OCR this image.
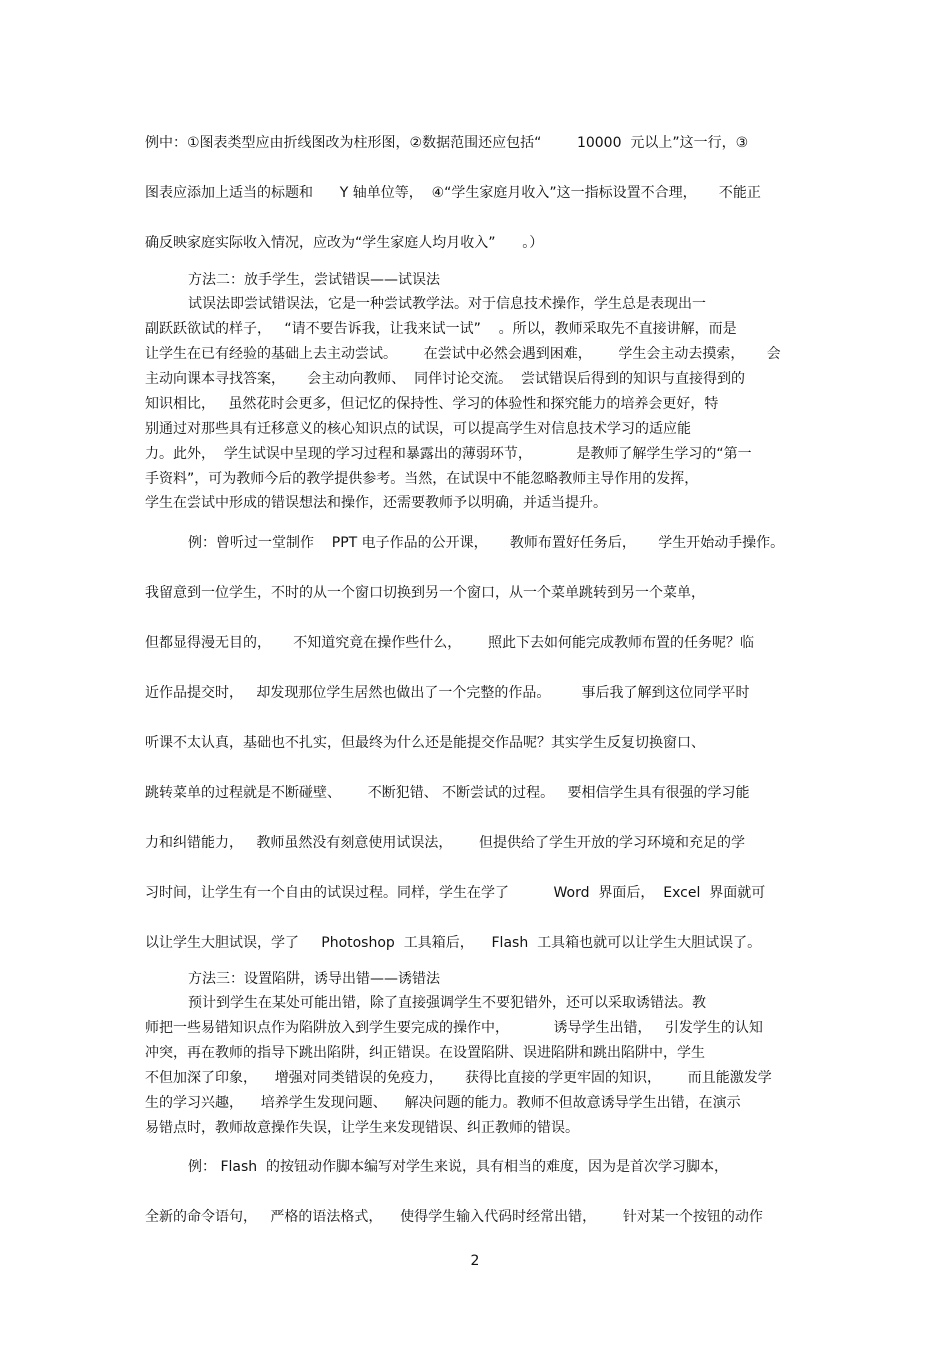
例中：①图表类型应由折线图改为柱形图，②数据范围还应包括“        10000  元以上”这一行，③

图表应添加上适当的标题和      Y 轴单位等，  ④“学生家庭月收入”这一指标设置不合理，     不能正

确反映家庭实际收入情况，应改为“学生家庭人均月收入”      。）

方法二：放手学生，尝试错误——试误法

试误法即尝试错误法，它是一种尝试教学法。对于信息技术操作，学生总是表现出一

副跃跃欲试的样子，   “请不要告诉我，让我来试一试”    。所以，教师采取先不直接讲解，而是

让学生在已有经验的基础上去主动尝试。      在尝试中必然会遇到困难，      学生会主动去摸索，     会

主动向课本寻找答案，     会主动向教师、  同伴讨论交流。  尝试错误后得到的知识与直接得到的

知识相比，   虽然花时会更多，但记忆的保持性、学习的体验性和探究能力的培养会更好，特

别通过对那些具有迁移意义的核心知识点的试误，可以提高学生对信息技术学习的适应能

力。此外，  学生试误中呈现的学习过程和暴露出的薄弱环节，          是教师了解学生学习的“第一

手资料”，可为教师今后的教学提供参考。当然，在试误中不能忽略教师主导作用的发挥，

学生在尝试中形成的错误想法和操作，还需要教师予以明确，并适当提升。

例：曾听过一堂制作    PPT 电子作品的公开课，     教师布置好任务后，     学生开始动手操作。

我留意到一位学生，不时的从一个窗口切换到另一个窗口，从一个菜单跳转到另一个菜单，

但都显得漫无目的，     不知道究竟在操作些什么，      照此下去如何能完成教师布置的任务呢？临

近作品提交时，   却发现那位学生居然也做出了一个完整的作品。       事后我了解到这位同学平时

听课不太认真，基础也不扎实，但最终为什么还是能提交作品呢？其实学生反复切换窗口、

跳转菜单的过程就是不断碰壁、      不断犯错、 不断尝试的过程。   要相信学生具有很强的学习能

力和纠错能力，   教师虽然没有刻意使用试误法，      但提供给了学生开放的学习环境和充足的学

习时间，让学生有一个自由的试误过程。同样，学生在学了          Word  界面后，  Excel  界面就可

以让学生大胆试误，学了     Photoshop  工具箱后，    Flash  工具箱也就可以让学生大胆试误了。

方法三：设置陷阱，诱导出错——诱错法

预计到学生在某处可能出错，除了直接强调学生不要犯错外，还可以采取诱错法。教

师把一些易错知识点作为陷阱放入到学生要完成的操作中，          诱导学生出错，   引发学生的认知

冲突，再在教师的指导下跳出陷阱，纠正错误。在设置陷阱、误进陷阱和跳出陷阱中，学生

不但加深了印象，    增强对同类错误的免疫力，     获得比直接的学更牢固的知识，      而且能激发学

生的学习兴趣，    培养学生发现问题、    解决问题的能力。教师不但故意诱导学生出错，在演示

易错点时，教师故意操作失误，让学生来发现错误、纠正教师的错误。

例： Flash  的按钮动作脚本编写对学生来说，具有相当的难度，因为是首次学习脚本，

全新的命令语句，   严格的语法格式，    使得学生输入代码时经常出错，      针对某一个按钮的动作

2
